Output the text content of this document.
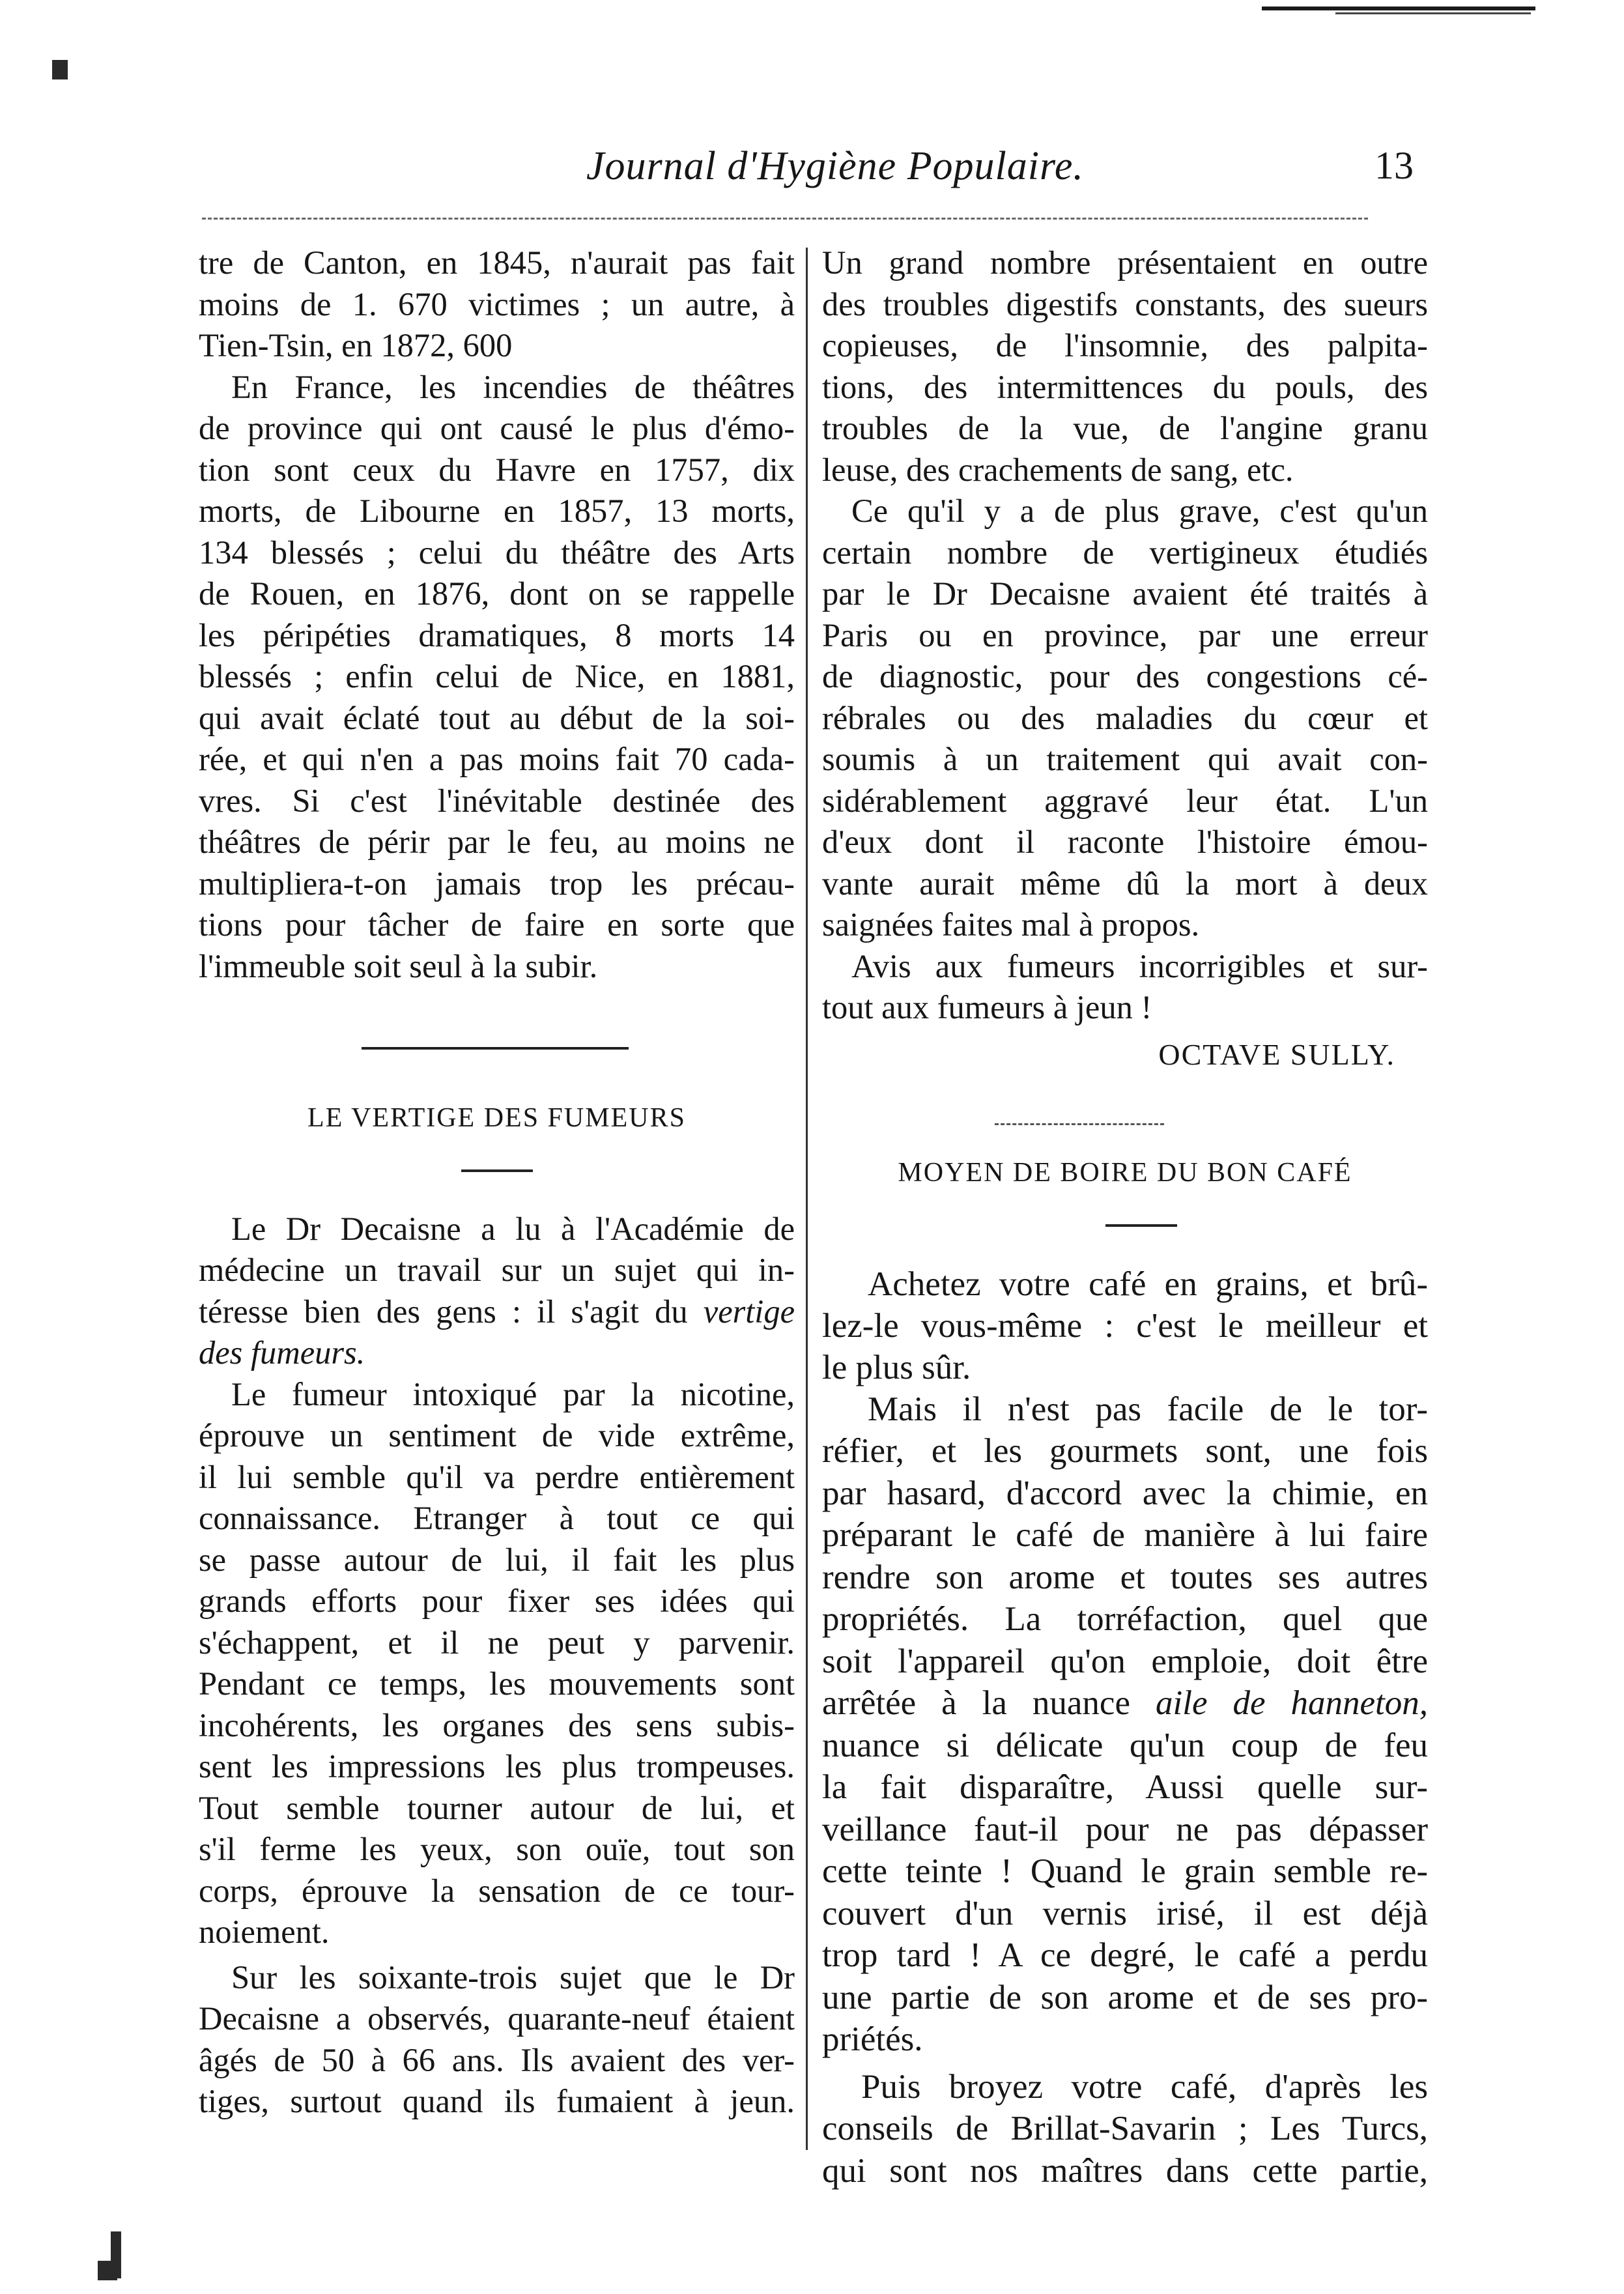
Journal d'Hygiène Populaire.	13

tre de Canton, en 1845, n'aurait pas fait
moins de 1. 670 victimes ; un autre, à
Tien-Tsin, en 1872, 600

En France, les incendies de théâtres
de province qui ont causé le plus d'émo-
tion sont ceux du Havre en 1757, dix
morts, de Libourne en 1857, 13 morts,
134 blessés ; celui du théâtre des Arts
de Rouen, en 1876, dont on se rappelle
les péripéties dramatiques, 8 morts 14
blessés ; enfin celui de Nice, en 1881,
qui avait éclaté tout au début de la soi-
rée, et qui n'en a pas moins fait 70 cada-
vres. Si c'est l'inévitable destinée des
théâtres de périr par le feu, au moins ne
multipliera-t-on jamais trop les précau-
tions pour tâcher de faire en sorte que
l'immeuble soit seul à la subir.

LE VERTIGE DES FUMEURS

Le Dr Decaisne a lu à l'Académie de
médecine un travail sur un sujet qui in-
téresse bien des gens : il s'agit du vertige
des fumeurs.

Le fumeur intoxiqué par la nicotine,
éprouve un sentiment de vide extrême,
il lui semble qu'il va perdre entièrement
connaissance. Etranger à tout ce qui
se passe autour de lui, il fait les plus
grands efforts pour fixer ses idées qui
s'échappent, et il ne peut y parvenir.
Pendant ce temps, les mouvements sont
incohérents, les organes des sens subis-
sent les impressions les plus trompeuses.
Tout semble tourner autour de lui, et
s'il ferme les yeux, son ouïe, tout son
corps, éprouve la sensation de ce tour-
noiement.

Sur les soixante-trois sujet que le Dr
Decaisne a observés, quarante-neuf étaient
âgés de 50 à 66 ans. Ils avaient des ver-
tiges, surtout quand ils fumaient à jeun.

Un grand nombre présentaient en outre
des troubles digestifs constants, des sueurs
copieuses, de l'insomnie, des palpita-
tions, des intermittences du pouls, des
troubles de la vue, de l'angine granu
leuse, des crachements de sang, etc.

Ce qu'il y a de plus grave, c'est qu'un
certain nombre de vertigineux étudiés
par le Dr Decaisne avaient été traités à
Paris ou en province, par une erreur
de diagnostic, pour des congestions cé-
rébrales ou des maladies du cœur et
soumis à un traitement qui avait con-
sidérablement aggravé leur état. L'un
d'eux dont il raconte l'histoire émou-
vante aurait même dû la mort à deux
saignées faites mal à propos.

Avis aux fumeurs incorrigibles et sur-
tout aux fumeurs à jeun !

OCTAVE SULLY.
MOYEN DE BOIRE DU BON CAFÉ

Achetez votre café en grains, et brû-
lez-le vous-même : c'est le meilleur et
le plus sûr.

Mais il n'est pas facile de le tor-
réfier, et les gourmets sont, une fois
par hasard, d'accord avec la chimie, en
préparant le café de manière à lui faire
rendre son arome et toutes ses autres
propriétés. La torréfaction, quel que
soit l'appareil qu'on emploie, doit être
arrêtée à la nuance aile de hanneton,
nuance si délicate qu'un coup de feu
la fait disparaître, Aussi quelle sur-
veillance faut-il pour ne pas dépasser
cette teinte ! Quand le grain semble re-
couvert d'un vernis irisé, il est déjà
trop tard ! A ce degré, le café a perdu
une partie de son arome et de ses pro-
priétés.

Puis broyez votre café, d'après les
conseils de Brillat-Savarin ; Les Turcs,
qui sont nos maîtres dans cette partie,
